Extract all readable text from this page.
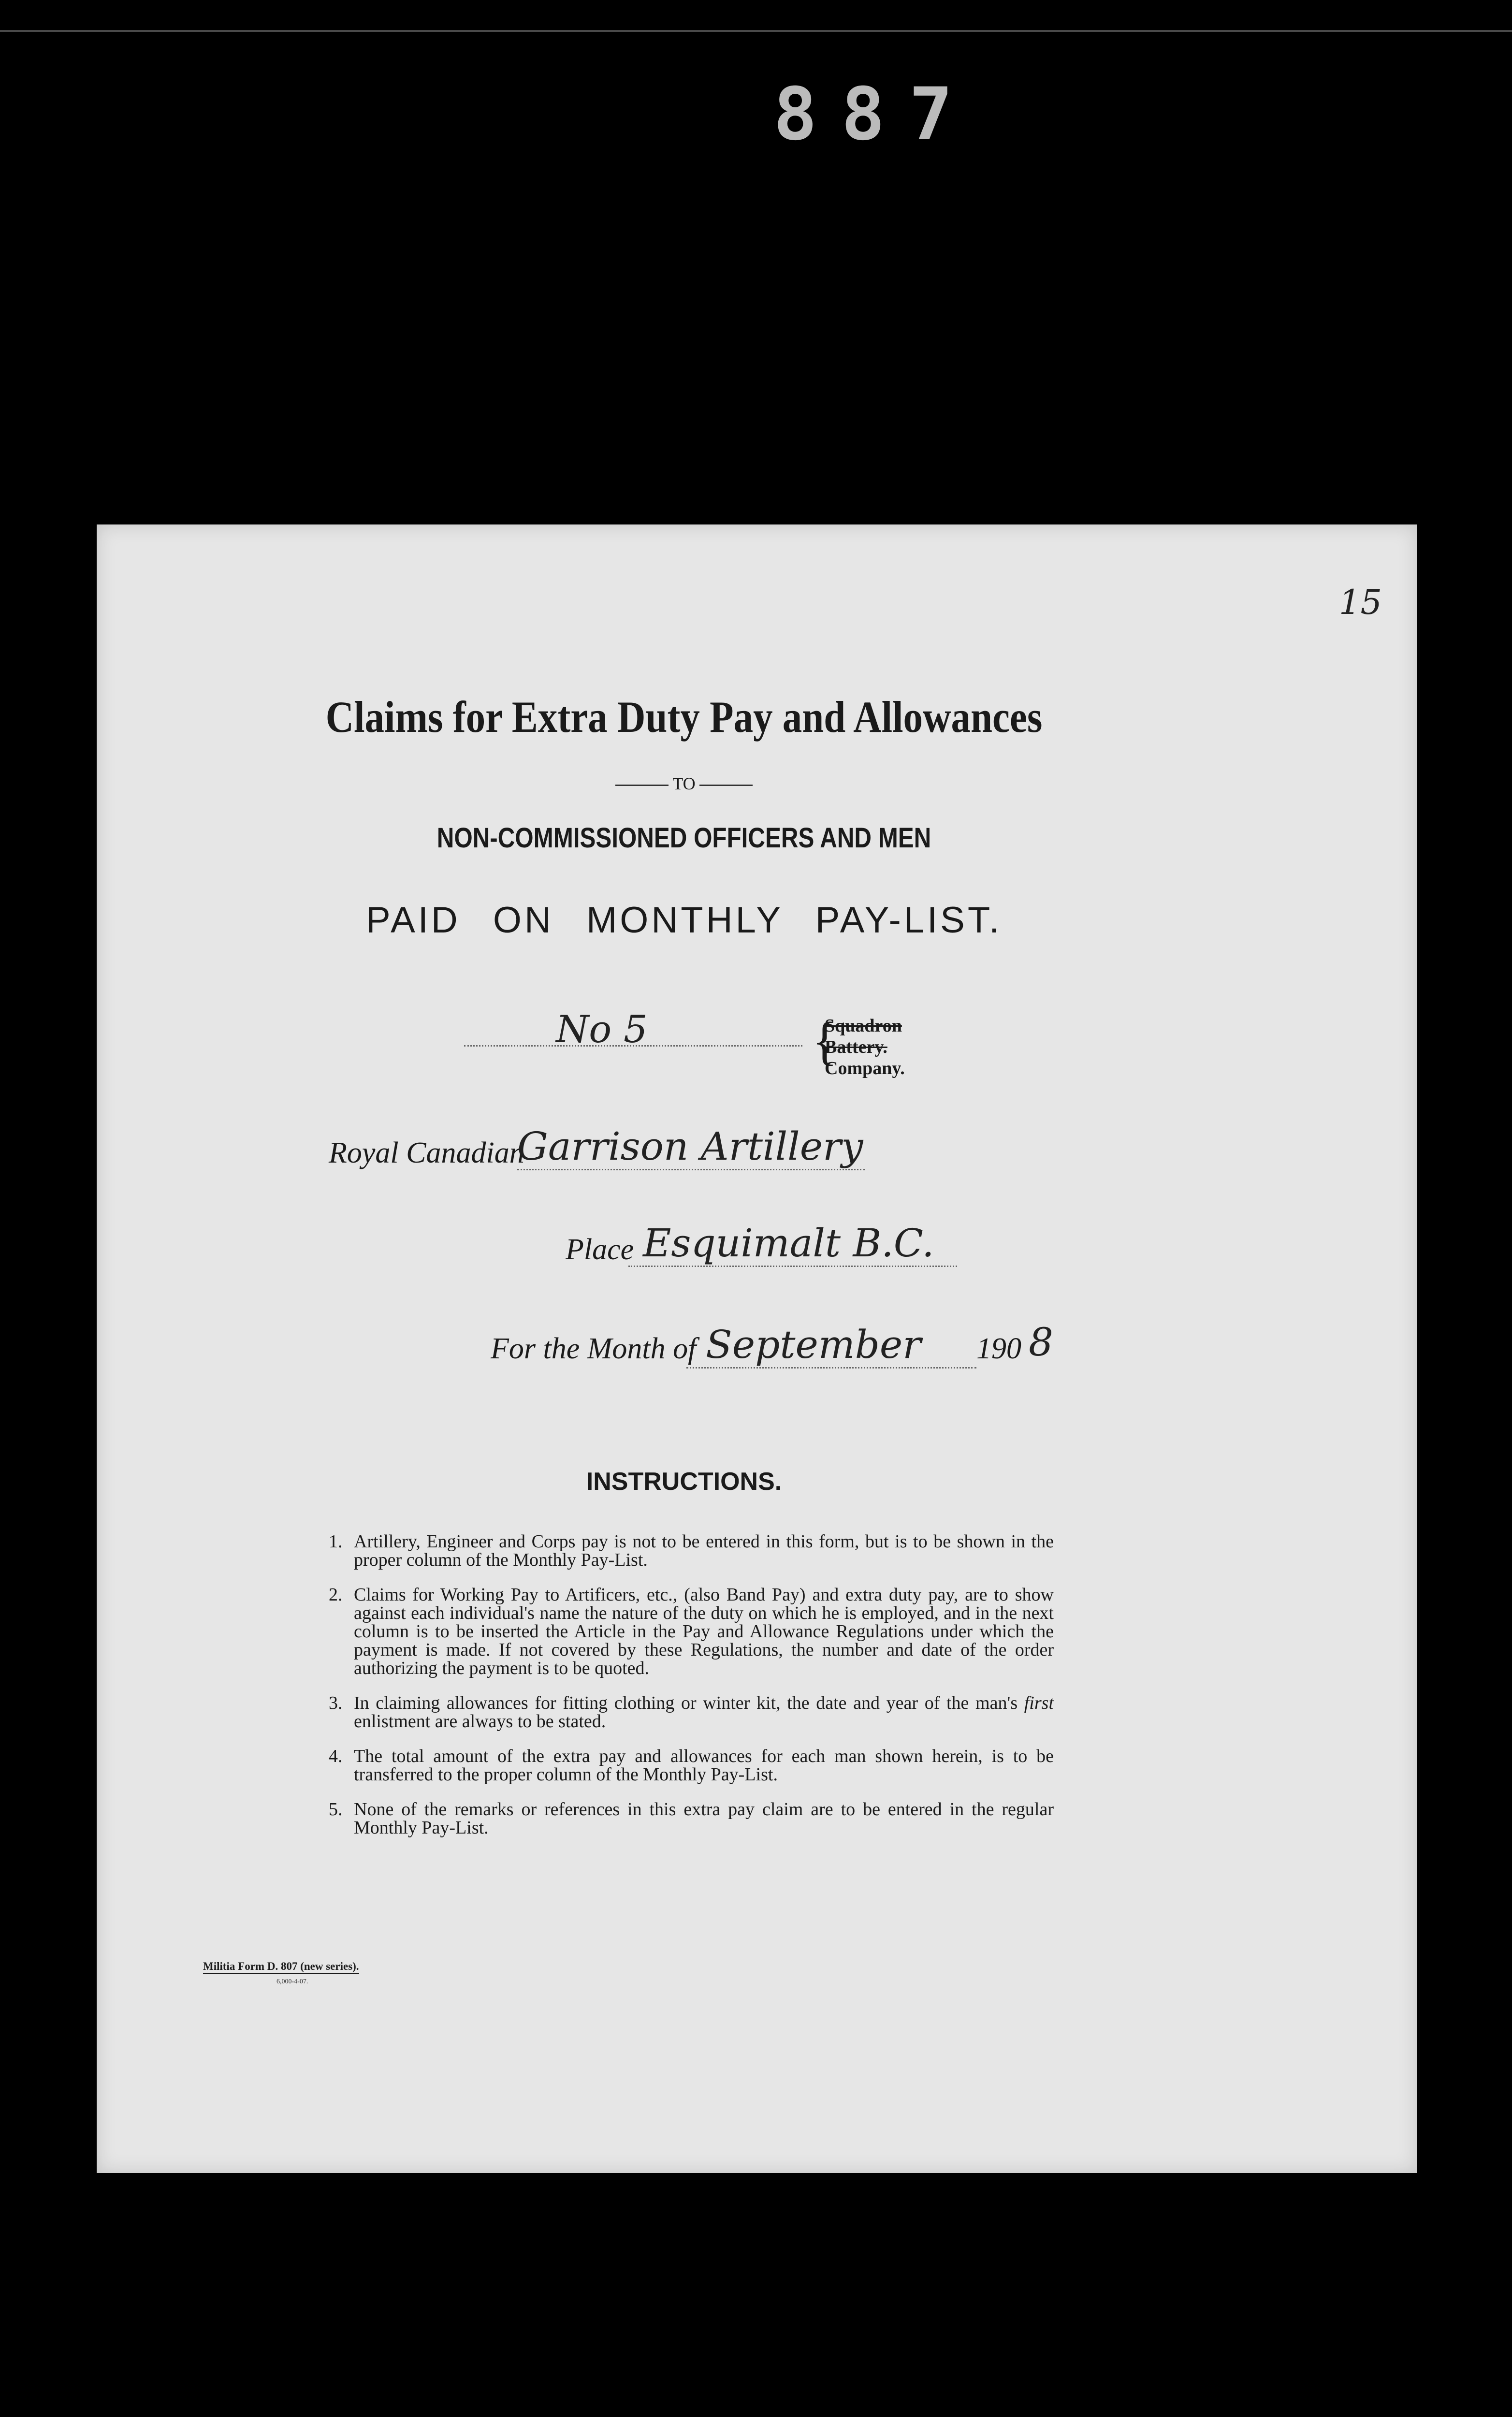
887
15
Claims for Extra Duty Pay and Allowances
TO
NON-COMMISSIONED OFFICERS AND MEN
PAID ON MONTHLY PAY-LIST.
No 5	{
Squadron
Battery.
Company.
Royal Canadian
Garrison Artillery
Place Esquimalt B.C.
For the Month of September	190 8
INSTRUCTIONS.
1. Artillery, Engineer and Corps pay is not to be entered in this form, but is to be shown in the proper column of the Monthly Pay-List.
2. Claims for Working Pay to Artificers, etc., (also Band Pay) and extra duty pay, are to show against each individual's name the nature of the duty on which he is employed, and in the next column is to be inserted the Article in the Pay and Allowance Regulations under which the payment is made. If not covered by these Regulations, the number and date of the order authorizing the payment is to be quoted.
3. In claiming allowances for fitting clothing or winter kit, the date and year of the man's first enlistment are always to be stated.
4. The total amount of the extra pay and allowances for each man shown herein, is to be transferred to the proper column of the Monthly Pay-List.
5. None of the remarks or references in this extra pay claim are to be entered in the regular Monthly Pay-List.
Militia Form D. 807 (new series).
6,000-4-07.
